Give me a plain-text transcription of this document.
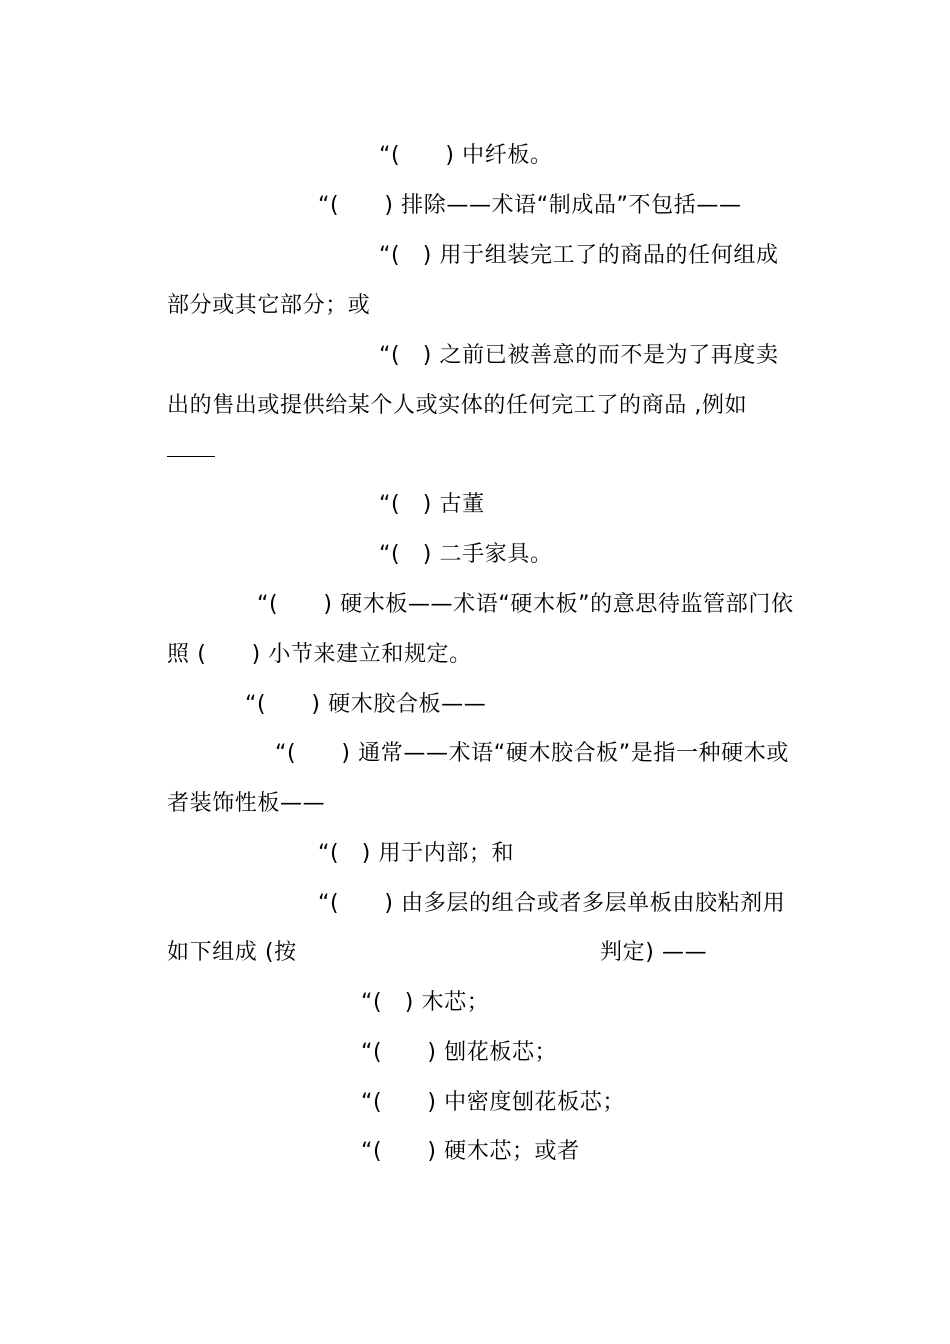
“(　　) 中纤板。
“(　　) 排除——术语“制成品”不包括——
“(　) 用于组装完工了的商品的任何组成
部分或其它部分；或
“(　) 之前已被善意的而不是为了再度卖
出的售出或提供给某个人或实体的任何完工了的商品 ,例如
“(　) 古董
“(　) 二手家具。
“(　　) 硬木板——术语“硬木板”的意思待监管部门依
照 (　　) 小节来建立和规定。
“(　　) 硬木胶合板——
“(　　) 通常——术语“硬木胶合板”是指一种硬木或
者装饰性板——
“(　) 用于内部；和
“(　　) 由多层的组合或者多层单板由胶粘剂用
如下组成 (按	判定) ——
“(　) 木芯；
“(　　) 刨花板芯；
“(　　) 中密度刨花板芯；
“(　　) 硬木芯；或者
